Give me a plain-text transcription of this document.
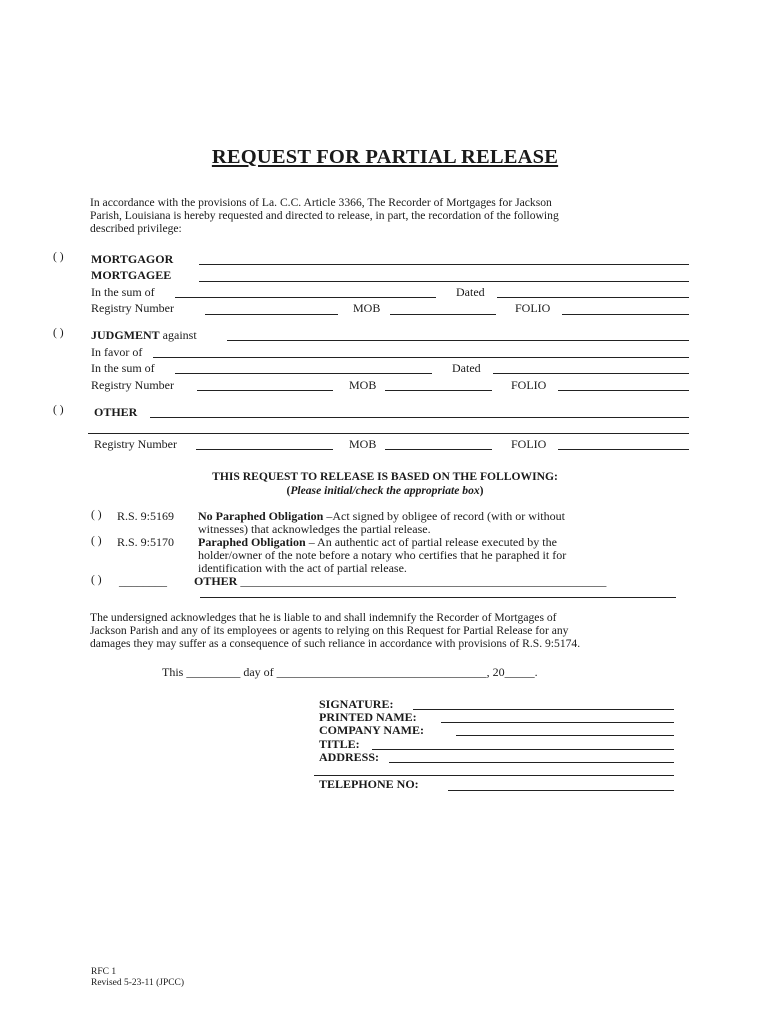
REQUEST FOR PARTIAL RELEASE
In accordance with the provisions of La. C.C. Article 3366, The Recorder of Mortgages for Jackson
Parish, Louisiana is hereby requested and directed to release, in part, the recordation of the following
described privilege:
( ) MORTGAGOR
MORTGAGEE
In the sum of	Dated
Registry Number	MOB	FOLIO
( ) JUDGMENT against
In favor of
In the sum of	Dated
Registry Number	MOB	FOLIO
( )	OTHER
Registry Number	MOB	FOLIO
THIS REQUEST TO RELEASE IS BASED ON THE FOLLOWING:
(Please initial/check the appropriate box)
( ) R.S. 9:5169 No Paraphed Obligation –Act signed by obligee of record (with or without
witnesses) that acknowledges the partial release.
( ) R.S. 9:5170 Paraphed Obligation – An authentic act of partial release executed by the
holder/owner of the note before a notary who certifies that he paraphed it for
identification with the act of partial release.
( ) ________ OTHER _____________________________________________________________
The undersigned acknowledges that he is liable to and shall indemnify the Recorder of Mortgages of
Jackson Parish and any of its employees or agents to relying on this Request for Partial Release for any
damages they may suffer as a consequence of such reliance in accordance with provisions of R.S. 9:5174.
This _________ day of ___________________________________, 20_____.
SIGNATURE:
PRINTED NAME:
COMPANY NAME:
TITLE:
ADDRESS:
TELEPHONE NO:
RFC 1
Revised 5-23-11 (JPCC)
